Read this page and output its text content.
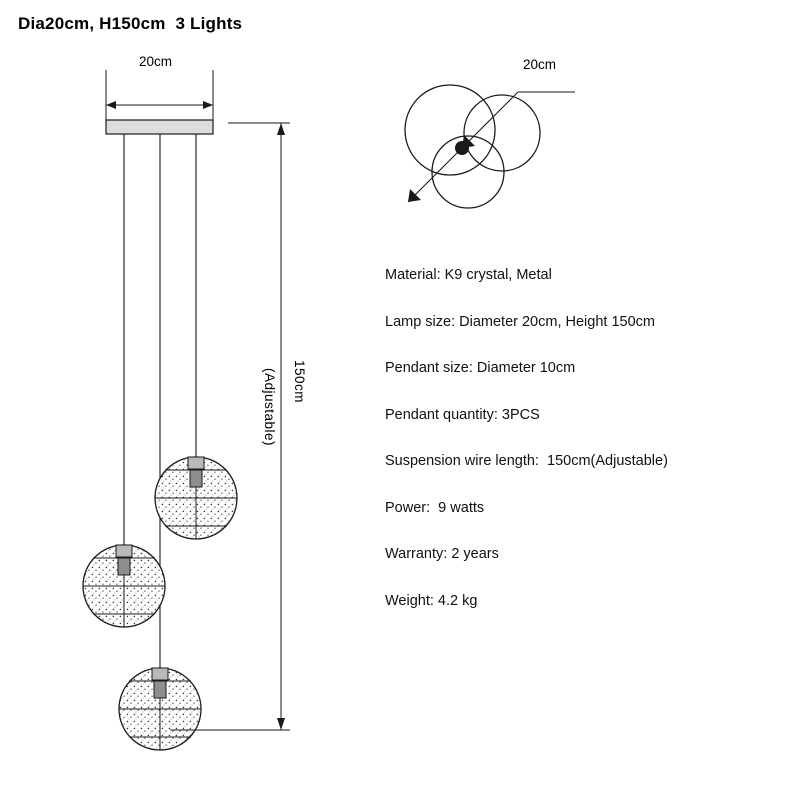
Dia20cm, H150cm  3 Lights
20cm
150cm
(Adjustable)
20cm
Material: K9 crystal, Metal
Lamp size: Diameter 20cm, Height 150cm
Pendant size: Diameter 10cm
Pendant quantity: 3PCS
Suspension wire length:  150cm(Adjustable)
Power:  9 watts
Warranty: 2 years
Weight: 4.2 kg
